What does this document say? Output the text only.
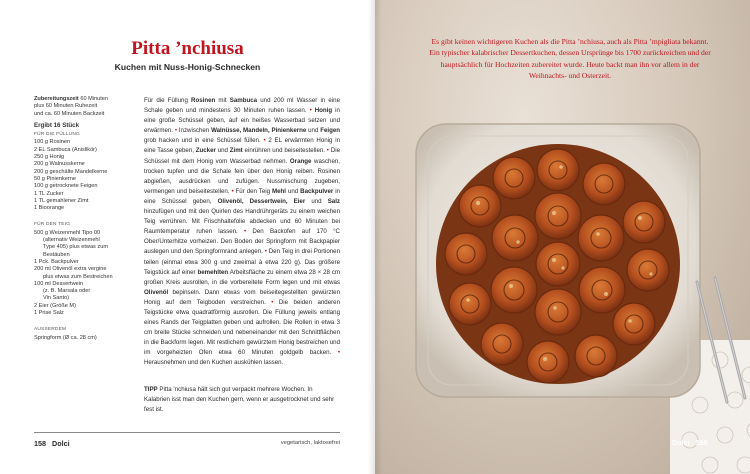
Pitta ’nchiusa
Kuchen mit Nuss-Honig-Schnecken

Zubereitungszeit 60 Minuten
plus 60 Minuten Ruhezeit
und ca. 60 Minuten Backzeit

Ergibt 16 Stück
FÜR DIE FÜLLUNG

100 g Rosinen

2 EL Sambuca (Anislikör)

250 g Honig

200 g Walnusskerne

200 g geschälte Mandelkerne

50 g Pinienkerne

100 g getrocknete Feigen

1 TL Zucker

1 TL gemahlener Zimt

1 Bioorange

FÜR DEN TEIG

500 g Weizenmehl Tipo 00

(alternativ Weizenmehl

Type 405) plus etwas zum

Bestäuben

1 Pck. Backpulver

200 ml Olivenöl extra vergine

plus etwas zum Bestreichen

100 ml Dessertwein

(z. B. Marsala oder

Vin Santo)

2 Eier (Größe M)

1 Prise Salz

AUSSERDEM

Springform (Ø ca. 28 cm)

Für die Füllung Rosinen mit Sambuca und 200 ml Wasser in eine Schale geben und mindestens 30 Minuten ruhen lassen. • Honig in eine große Schüssel geben, auf ein heißes Wasserbad setzen und erwärmen. • Inzwischen Walnüsse, Mandeln, Pinienkerne und Feigen grob hacken und in eine Schüssel füllen. • 2 EL erwärmten Honig in eine Tasse geben, Zucker und Zimt einrühren und beiseitestellen. • Die Schüssel mit dem Honig vom Wasserbad nehmen. Orange waschen, trocken tupfen und die Schale fein über den Honig reiben. Rosinen abgießen, ausdrücken und zufügen. Nussmischung zugeben, vermengen und beiseitestellen. • Für den Teig Mehl und Backpulver in eine Schüssel geben, Olivenöl, Dessertwein, Eier und Salz hinzufügen und mit den Quirlen des Handrührgeräts zu einem weichen Teig verrühren. Mit Frischhaltefolie abdecken und 60 Minuten bei Raumtemperatur ruhen lassen. • Den Backofen auf 170 °C Ober/Unterhitze vorheizen. Den Boden der Springform mit Backpapier auslegen und den Springformrand anlegen. • Den Teig in drei Portionen teilen (einmal etwa 300 g und zweimal à etwa 220 g). Das größere Teigstück auf einer bemehlten Arbeitsfläche zu einem etwa 28 × 28 cm großen Kreis ausrollen, in die vorbereitete Form legen und mit etwas Olivenöl bepinseln. Dann etwas vom beiseitegestellten gewürzten Honig auf dem Teigboden verstreichen. • Die beiden anderen Teigstücke etwa quadratförmig ausrollen. Die Füllung jeweils entlang eines Rands der Teigplatten geben und aufrollen. Die Rollen in etwa 3 cm breite Stücke schneiden und nebeneinander mit den Schnittflächen in die Backform legen. Mit restlichem gewürztem Honig bestreichen und im vorgeheizten Ofen etwa 60 Minuten goldgelb backen. • Herausnehmen und den Kuchen auskühlen lassen.

TIPP Pitta ’nchiusa hält sich gut verpackt mehrere Wochen. In Kalabrien isst man den Kuchen gern, wenn er ausgetrocknet und sehr fest ist.

158 Dolci	vegetarisch, laktosefrei

Es gibt keinen wichtigeren Kuchen als die Pitta ’nchiusa, auch als Pitta ’mpigliata bekannt. Ein typischer kalabrischer Dessertkuchen, dessen Ursprünge bis 1700 zurückreichen und der hauptsächlich für Hochzeiten zubereitet wurde. Heute backt man ihn vor allem in der Weihnachts- und Osterzeit.

Dolci 159
